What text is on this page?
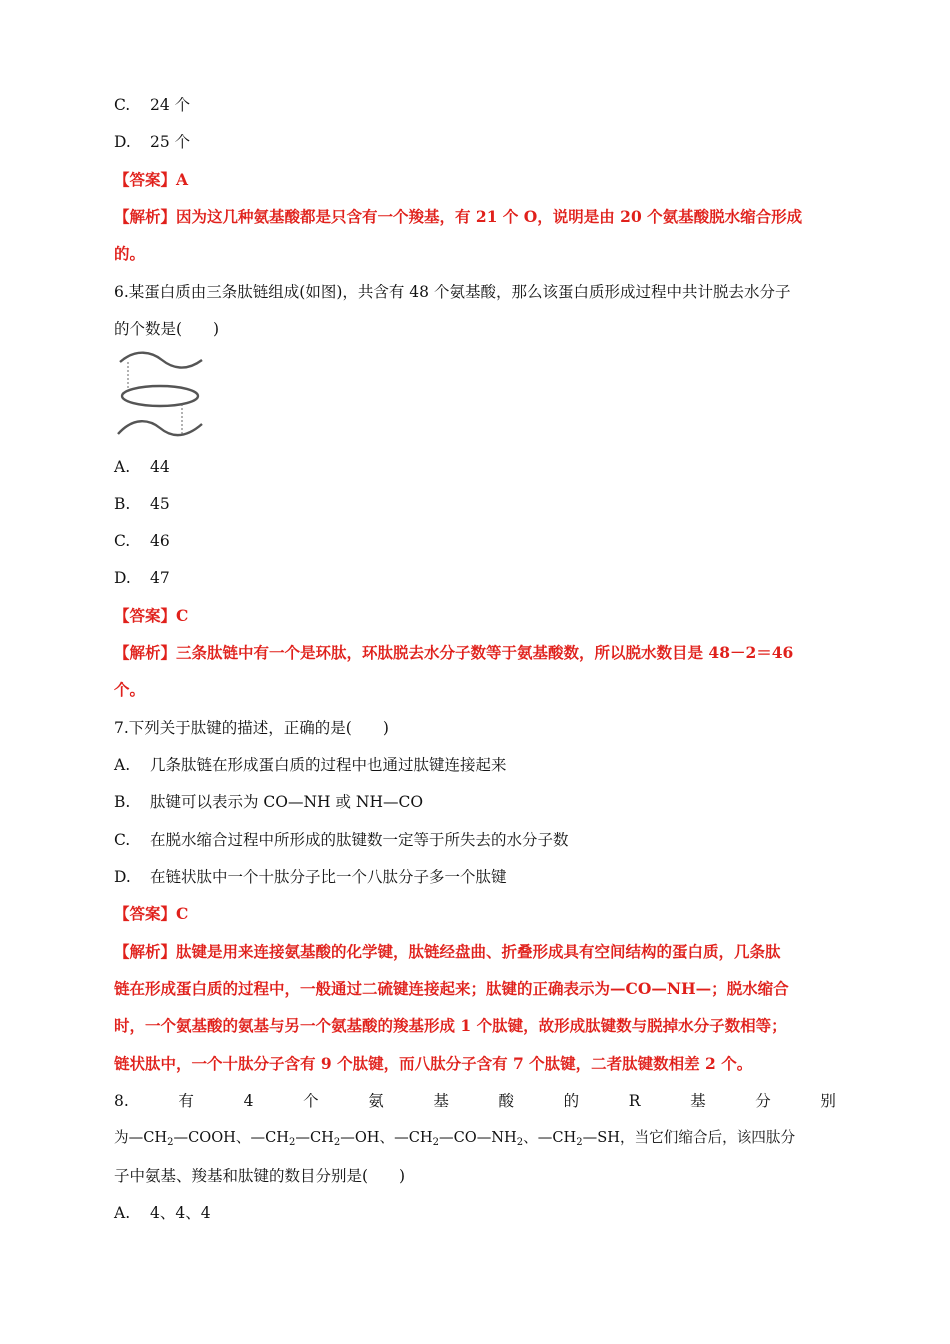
C. 24 个
D. 25 个
【答案】A
【解析】因为这几种氨基酸都是只含有一个羧基，有 21 个 O，说明是由 20 个氨基酸脱水缩合形成
的。
6.某蛋白质由三条肽链组成(如图)，共含有 48 个氨基酸，那么该蛋白质形成过程中共计脱去水分子
的个数是(　　)
A. 44
B. 45
C. 46
D. 47
【答案】C
【解析】三条肽链中有一个是环肽，环肽脱去水分子数等于氨基酸数，所以脱水数目是 48－2＝46
个。
7.下列关于肽键的描述，正确的是(　　)
A. 几条肽链在形成蛋白质的过程中也通过肽键连接起来
B. 肽键可以表示为 CO—NH 或 NH—CO
C. 在脱水缩合过程中所形成的肽键数一定等于所失去的水分子数
D. 在链状肽中一个十肽分子比一个八肽分子多一个肽键
【答案】C
【解析】肽键是用来连接氨基酸的化学键，肽链经盘曲、折叠形成具有空间结构的蛋白质，几条肽
链在形成蛋白质的过程中，一般通过二硫键连接起来；肽键的正确表示为—CO—NH—；脱水缩合
时，一个氨基酸的氨基与另一个氨基酸的羧基形成 1 个肽键，故形成肽键数与脱掉水分子数相等；
链状肽中，一个十肽分子含有 9 个肽键，而八肽分子含有 7 个肽键，二者肽键数相差 2 个。
8.	有	4	个	氨	基	酸	的	R	基	分	别
为$—CH_2—COOH$、$—CH_2—CH_2—OH$、$—CH_2—CO—NH_2$、$—CH_2—SH$，当它们缩合后，该四肽分
子中氨基、羧基和肽键的数目分别是(　　)
A. 4、4、4
